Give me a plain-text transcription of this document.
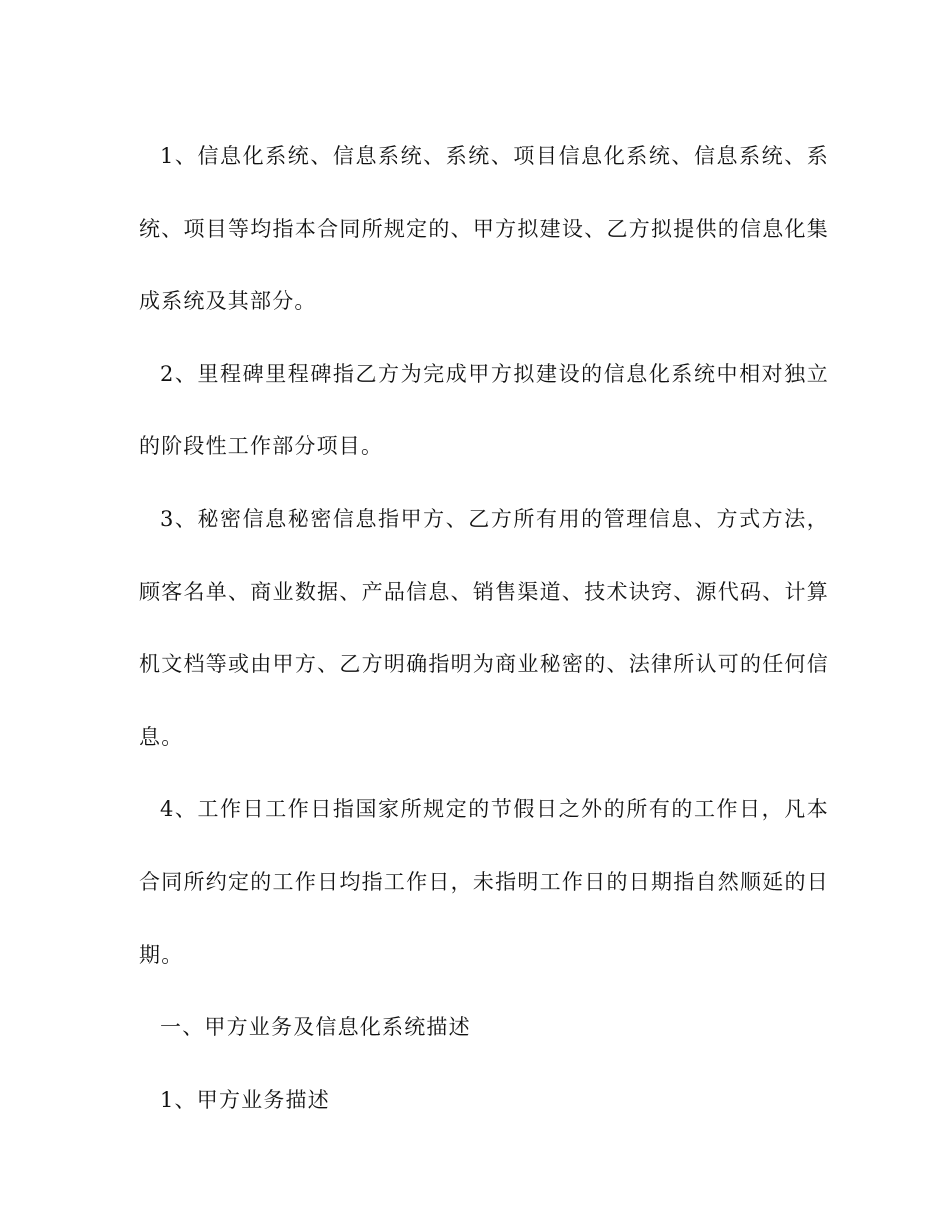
1、信息化系统、信息系统、系统、项目信息化系统、信息系统、系统、项目等均指本合同所规定的、甲方拟建设、乙方拟提供的信息化集成系统及其部分。

2、里程碑里程碑指乙方为完成甲方拟建设的信息化系统中相对独立的阶段性工作部分项目。

3、秘密信息秘密信息指甲方、乙方所有用的管理信息、方式方法，顾客名单、商业数据、产品信息、销售渠道、技术诀窍、源代码、计算机文档等或由甲方、乙方明确指明为商业秘密的、法律所认可的任何信息。

4、工作日工作日指国家所规定的节假日之外的所有的工作日，凡本合同所约定的工作日均指工作日，未指明工作日的日期指自然顺延的日期。

一、甲方业务及信息化系统描述

1、甲方业务描述
